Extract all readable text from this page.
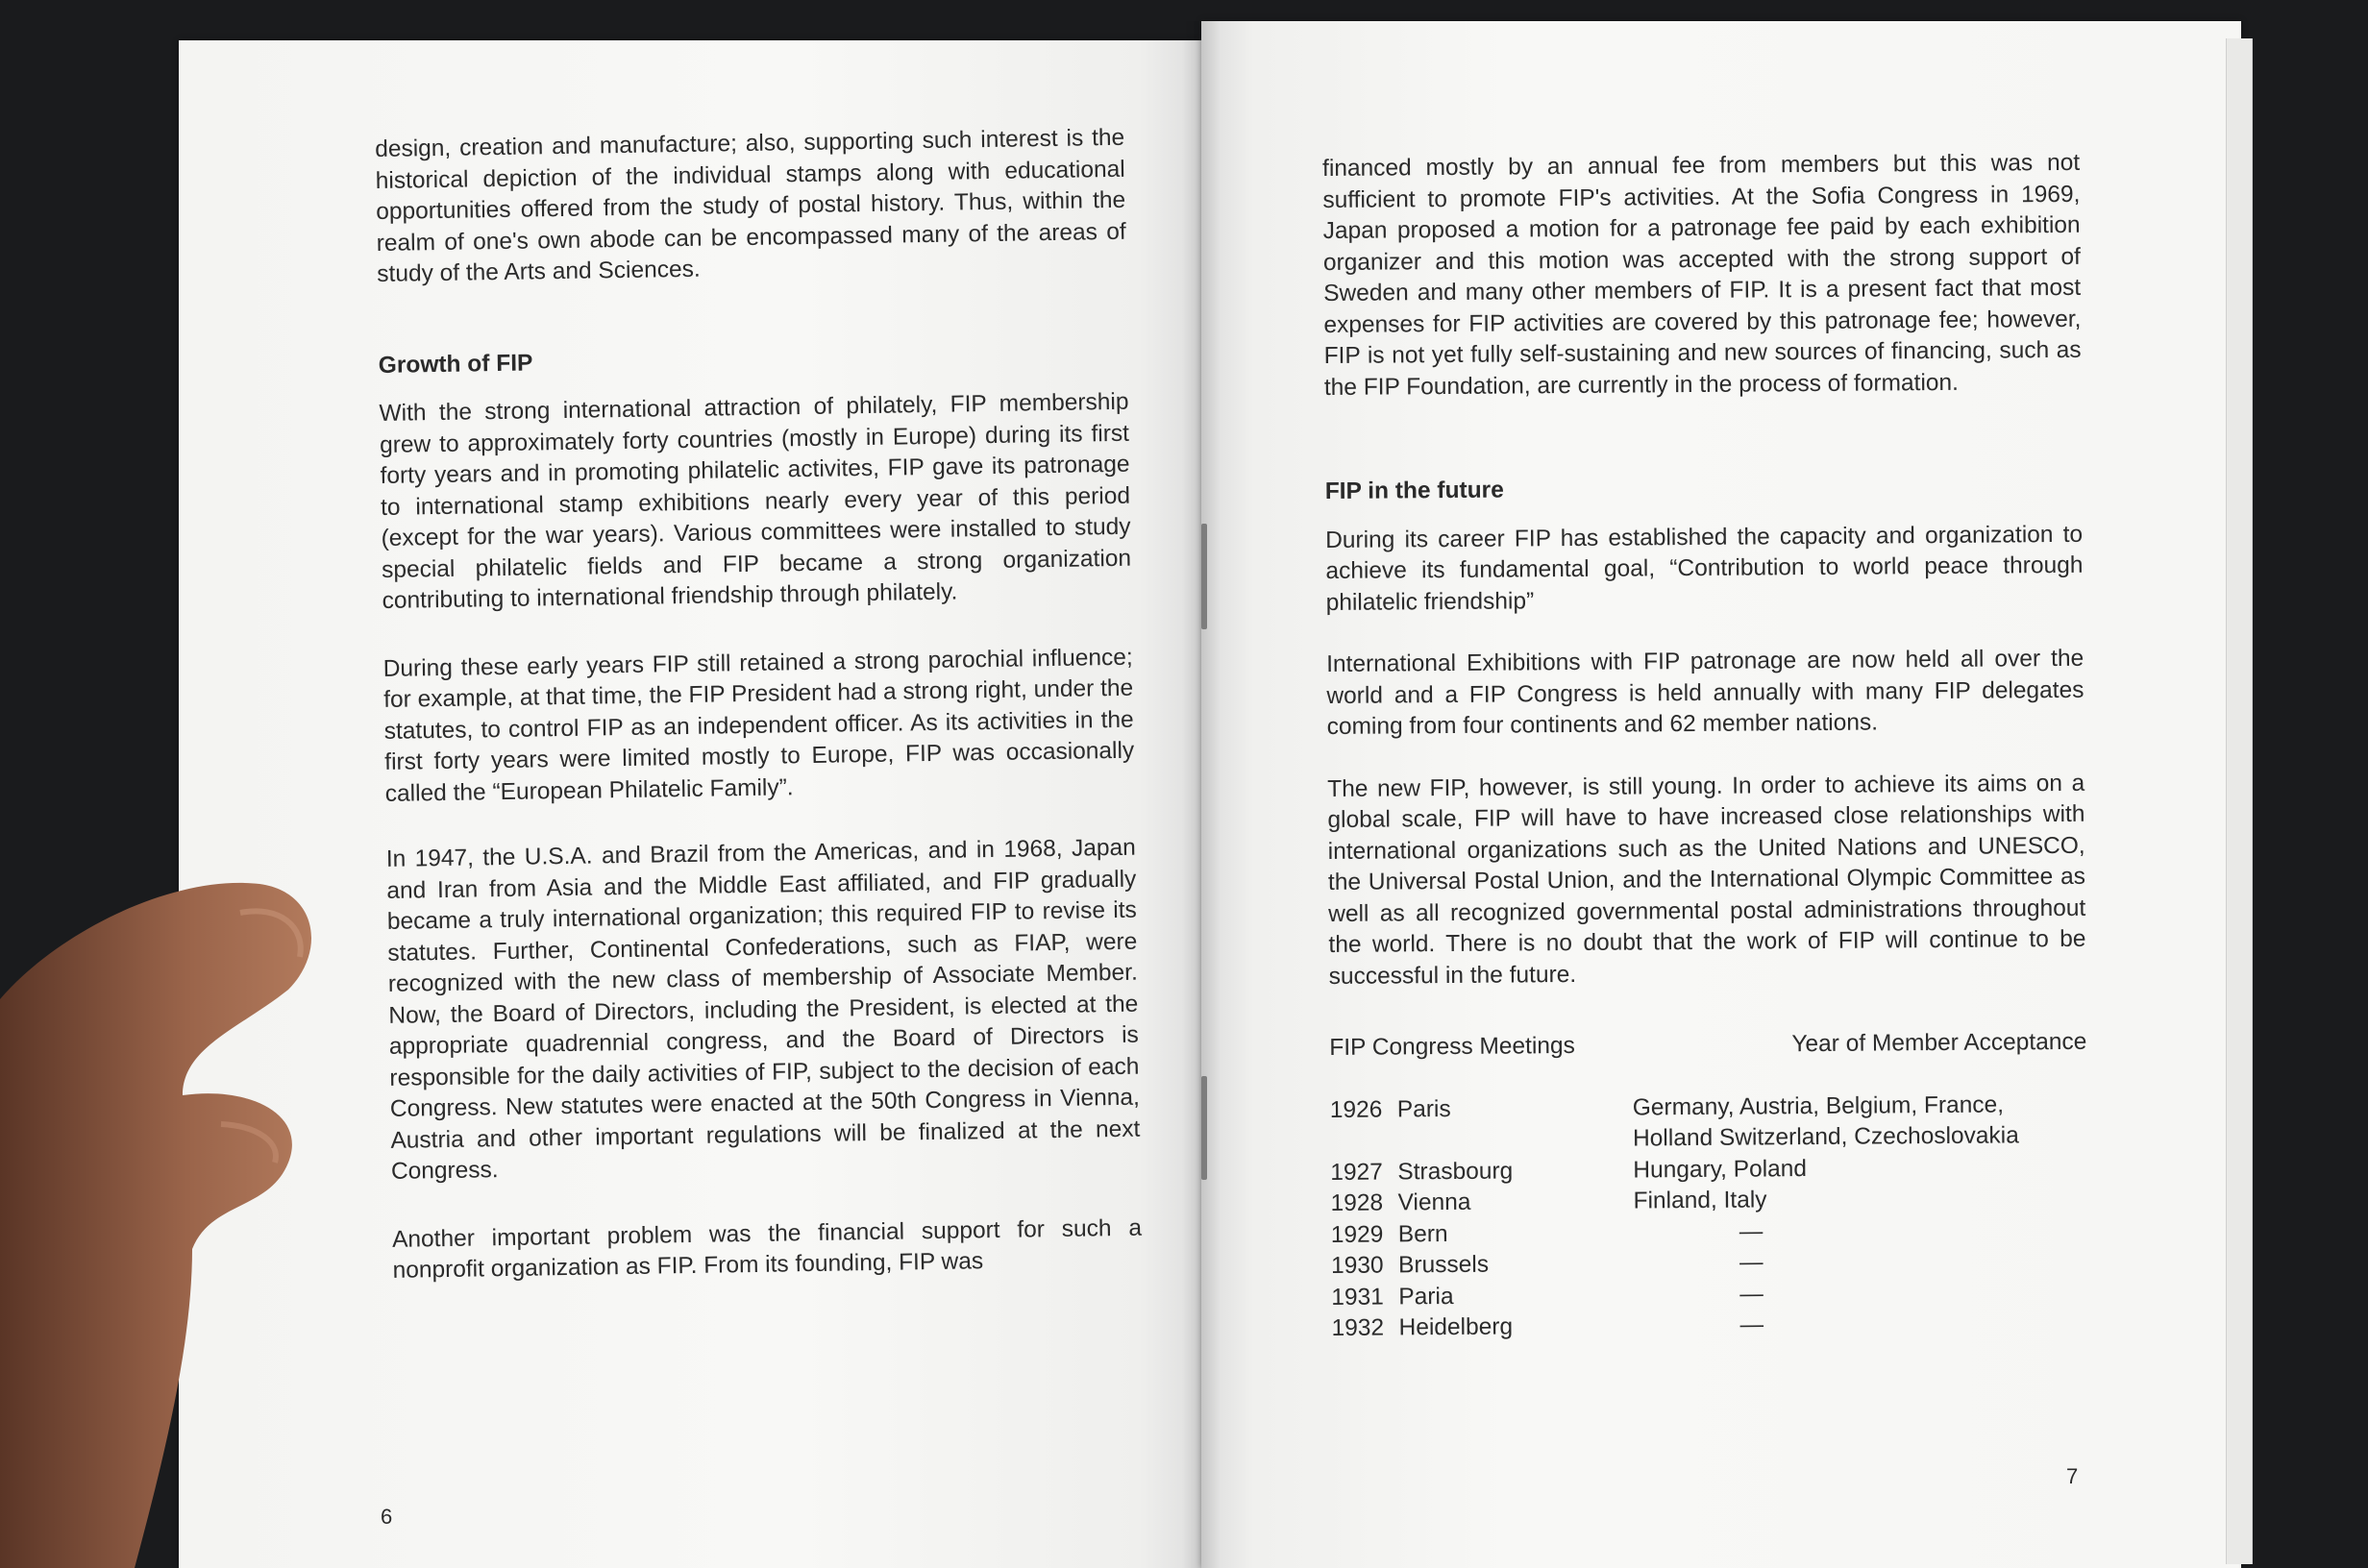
design, creation and manufacture; also, supporting such interest is the historical depiction of the individual stamps along with educational opportunities offered from the study of postal history. Thus, within the realm of one's own abode can be encompassed many of the areas of study of the Arts and Sciences.

Growth of FIP

With the strong international attraction of philately, FIP membership grew to approximately forty countries (mostly in Europe) during its first forty years and in promoting philatelic activites, FIP gave its patronage to international stamp exhibitions nearly every year of this period (except for the war years). Various committees were installed to study special philatelic fields and FIP became a strong organization contributing to international friendship through philately.

During these early years FIP still retained a strong parochial influence; for example, at that time, the FIP President had a strong right, under the statutes, to control FIP as an independent officer. As its activities in the first forty years were limited mostly to Europe, FIP was occasionally called the “European Philatelic Family”.

In 1947, the U.S.A. and Brazil from the Americas, and in 1968, Japan and Iran from Asia and the Middle East affiliated, and FIP gradually became a truly international organization; this required FIP to revise its statutes. Further, Continental Confederations, such as FIAP, were recognized with the new class of membership of Associate Member. Now, the Board of Directors, including the President, is elected at the appropriate quadrennial congress, and the Board of Directors is responsible for the daily activities of FIP, subject to the decision of each Congress. New statutes were enacted at the 50th Congress in Vienna, Austria and other important regulations will be finalized at the next Congress.

Another important problem was the financial support for such a nonprofit organization as FIP. From its founding, FIP was

6

financed mostly by an annual fee from members but this was not sufficient to promote FIP's activities. At the Sofia Congress in 1969, Japan proposed a motion for a patronage fee paid by each exhibition organizer and this motion was accepted with the strong support of Sweden and many other members of FIP. It is a present fact that most expenses for FIP activities are covered by this patronage fee; however, FIP is not yet fully self-sustaining and new sources of financing, such as the FIP Foundation, are currently in the process of formation.

FIP in the future

During its career FIP has established the capacity and organization to achieve its fundamental goal, “Contribution to world peace through philatelic friendship”

International Exhibitions with FIP patronage are now held all over the world and a FIP Congress is held annually with many FIP delegates coming from four continents and 62 member nations.

The new FIP, however, is still young. In order to achieve its aims on a global scale, FIP will have to have increased close relationships with international organizations such as the United Nations and UNESCO, the Universal Postal Union, and the International Olympic Committee as well as all recognized governmental postal administrations throughout the world. There is no doubt that the work of FIP will continue to be successful in the future.

FIP Congress Meetings	Year of Member Acceptance
1926 Paris	Germany, Austria, Belgium, France,
Holland Switzerland, Czechoslovakia
1927 Strasbourg	Hungary, Poland
1928 Vienna	Finland, Italy
1929 Bern	—
1930 Brussels	—
1931 Paria	—
1932 Heidelberg	—
7
